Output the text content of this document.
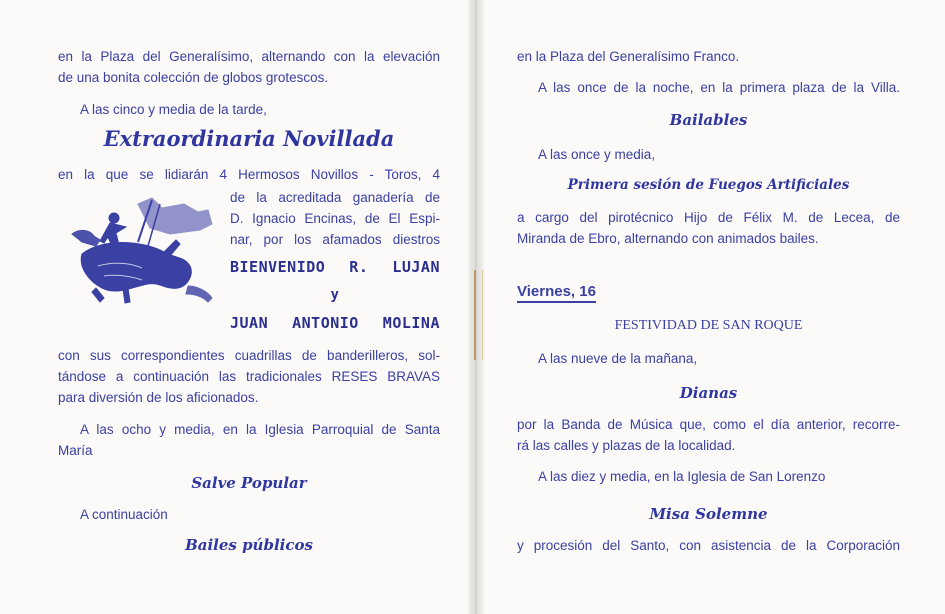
en la Plaza del Generalísimo, alternando con la elevación
de una bonita colección de globos grotescos.
A las cinco y media de la tarde,
Extraordinaria Novillada
en la que se lidiarán 4 Hermosos Novillos - Toros, 4
de la acreditada ganadería de
D. Ignacio Encinas, de El Espi-
nar, por los afamados diestros
BIENVENIDO R. LUJAN
y
JUAN ANTONIO MOLINA
con sus correspondientes cuadrillas de banderilleros, sol-
tándose a continuación las tradicionales RESES BRAVAS
para diversión de los aficionados.
A las ocho y media, en la Iglesia Parroquial de Santa
María
Salve Popular
A continuación
Bailes públicos
en la Plaza del Generalísimo Franco.
A las once de la noche, en la primera plaza de la Villa.
Bailables
A las once y media,
Primera sesión de Fuegos Artificiales
a cargo del pirotécnico Hijo de Félix M. de Lecea, de
Miranda de Ebro, alternando con animados bailes.
Viernes, 16
FESTIVIDAD DE SAN ROQUE
A las nueve de la mañana,
Dianas
por la Banda de Música que, como el día anterior, recorre-
rá las calles y plazas de la localidad.
A las diez y media, en la Iglesia de San Lorenzo
Misa Solemne
y procesión del Santo, con asistencia de la Corporación
